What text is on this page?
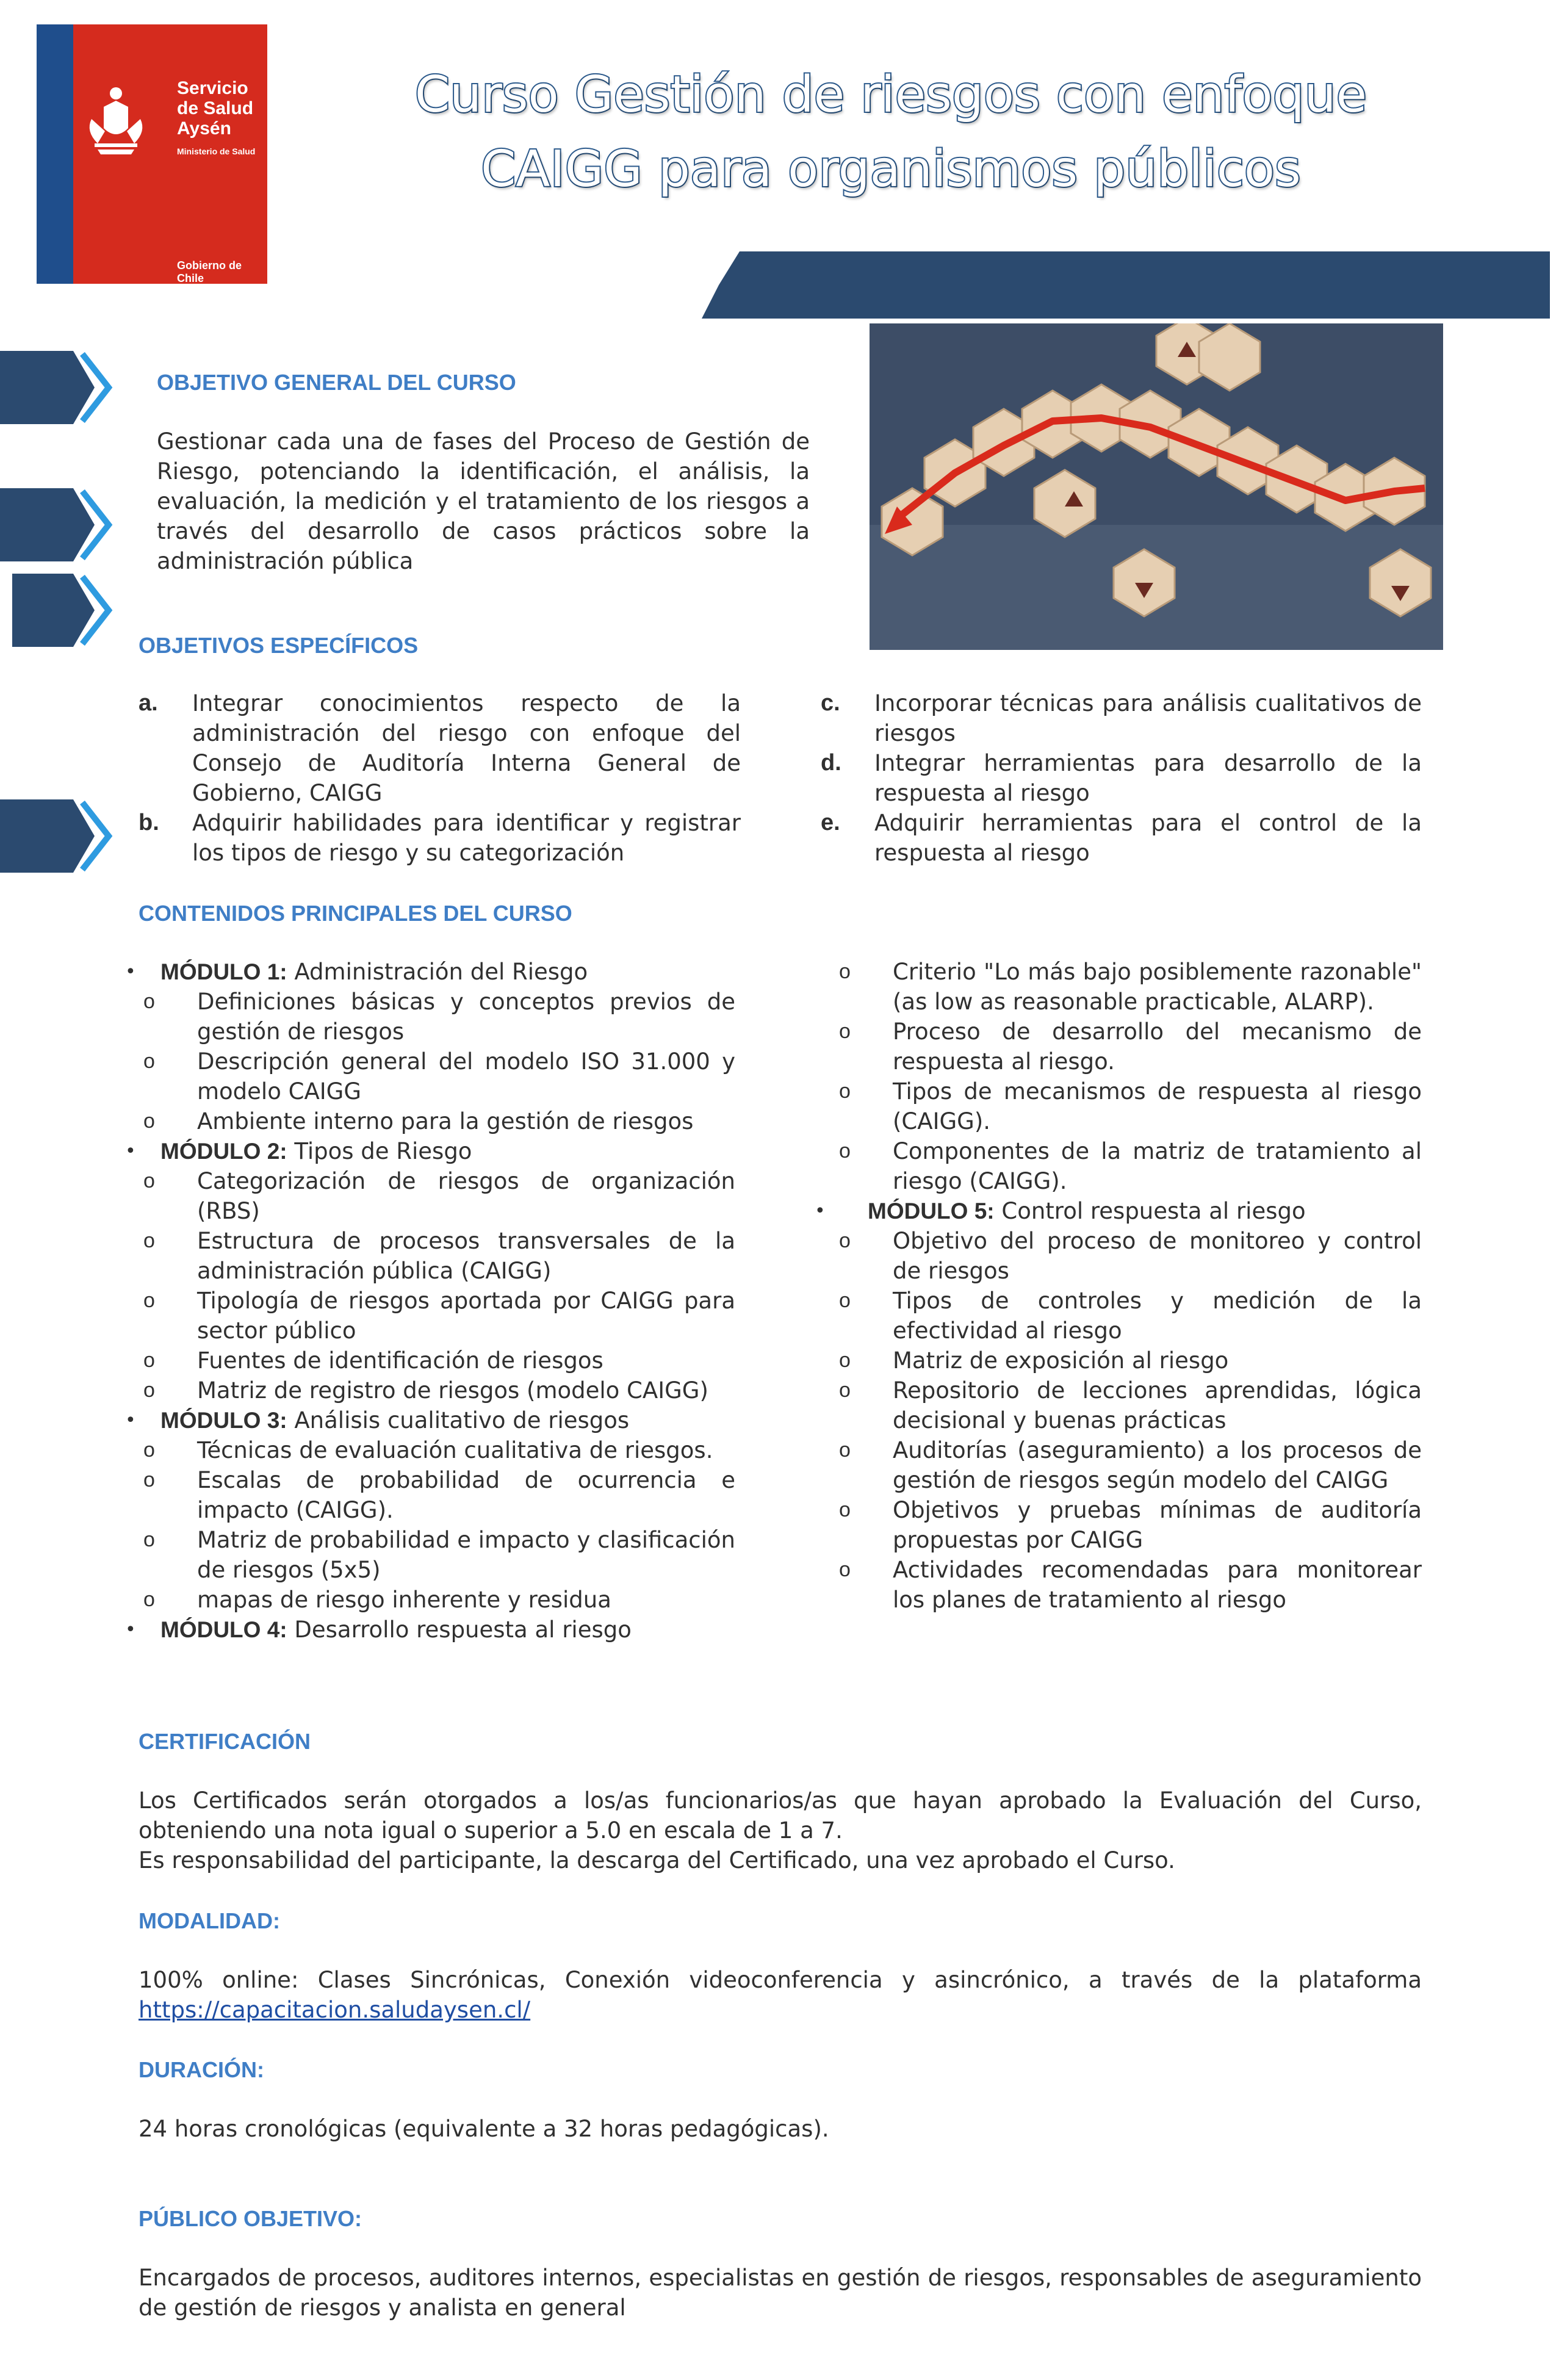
Servicio de Salud Aysén
Ministerio de Salud
Gobierno de Chile
Curso Gestión de riesgos con enfoque
CAIGG para organismos públicos
OBJETIVO GENERAL DEL CURSO
Gestionar cada una de fases del Proceso de Gestión de Riesgo, potenciando la identificación, el análisis, la evaluación, la medición y el tratamiento de los riesgos a través del desarrollo de casos prácticos sobre la administración pública
OBJETIVOS ESPECÍFICOS
a.	Integrar conocimientos respecto de la administración del riesgo con enfoque del Consejo de Auditoría Interna General de Gobierno, CAIGG
b.	Adquirir habilidades para identificar y registrar los tipos de riesgo y su categorización
c.	Incorporar técnicas para análisis cualitativos de riesgos
d.	Integrar herramientas para desarrollo de la respuesta al riesgo
e.	Adquirir herramientas para el control de la respuesta al riesgo
CONTENIDOS PRINCIPALES DEL CURSO
•	MÓDULO 1: Administración del Riesgo
o	Definiciones básicas y conceptos previos de gestión de riesgos
o	Descripción general del modelo ISO 31.000 y modelo CAIGG
o	Ambiente interno para la gestión de riesgos
•	MÓDULO 2: Tipos de Riesgo
o	Categorización de riesgos de organización (RBS)
o	Estructura de procesos transversales de la administración pública (CAIGG)
o	Tipología de riesgos aportada por CAIGG para sector público
o	Fuentes de identificación de riesgos
o	Matriz de registro de riesgos (modelo CAIGG)
•	MÓDULO 3: Análisis cualitativo de riesgos
o	Técnicas de evaluación cualitativa de riesgos.
o	Escalas de probabilidad de ocurrencia e impacto (CAIGG).
o	Matriz de probabilidad e impacto y clasificación de riesgos (5x5)
o	mapas de riesgo inherente y residua
•	MÓDULO 4: Desarrollo respuesta al riesgo
o	Criterio "Lo más bajo posiblemente razonable" (as low as reasonable practicable, ALARP).
o	Proceso de desarrollo del mecanismo de respuesta al riesgo.
o	Tipos de mecanismos de respuesta al riesgo (CAIGG).
o	Componentes de la matriz de tratamiento al riesgo (CAIGG).
•	MÓDULO 5: Control respuesta al riesgo
o	Objetivo del proceso de monitoreo y control de riesgos
o	Tipos de controles y medición de la efectividad al riesgo
o	Matriz de exposición al riesgo
o	Repositorio de lecciones aprendidas, lógica decisional y buenas prácticas
o	Auditorías (aseguramiento) a los procesos de gestión de riesgos según modelo del CAIGG
o	Objetivos y pruebas mínimas de auditoría propuestas por CAIGG
o	Actividades recomendadas para monitorear los planes de tratamiento al riesgo
CERTIFICACIÓN

Los Certificados serán otorgados a los/as funcionarios/as que hayan aprobado la Evaluación del Curso, obteniendo una nota igual o superior a 5.0 en escala de 1 a 7.

Es responsabilidad del participante, la descarga del Certificado, una vez aprobado el Curso.

MODALIDAD:

100% online: Clases Sincrónicas, Conexión videoconferencia y asincrónico, a través de la plataforma

https://capacitacion.saludaysen.cl/

DURACIÓN:
24 horas cronológicas (equivalente a 32 horas pedagógicas).
PÚBLICO OBJETIVO:
Encargados de procesos, auditores internos, especialistas en gestión de riesgos, responsables de aseguramiento de gestión de riesgos y analista en general
